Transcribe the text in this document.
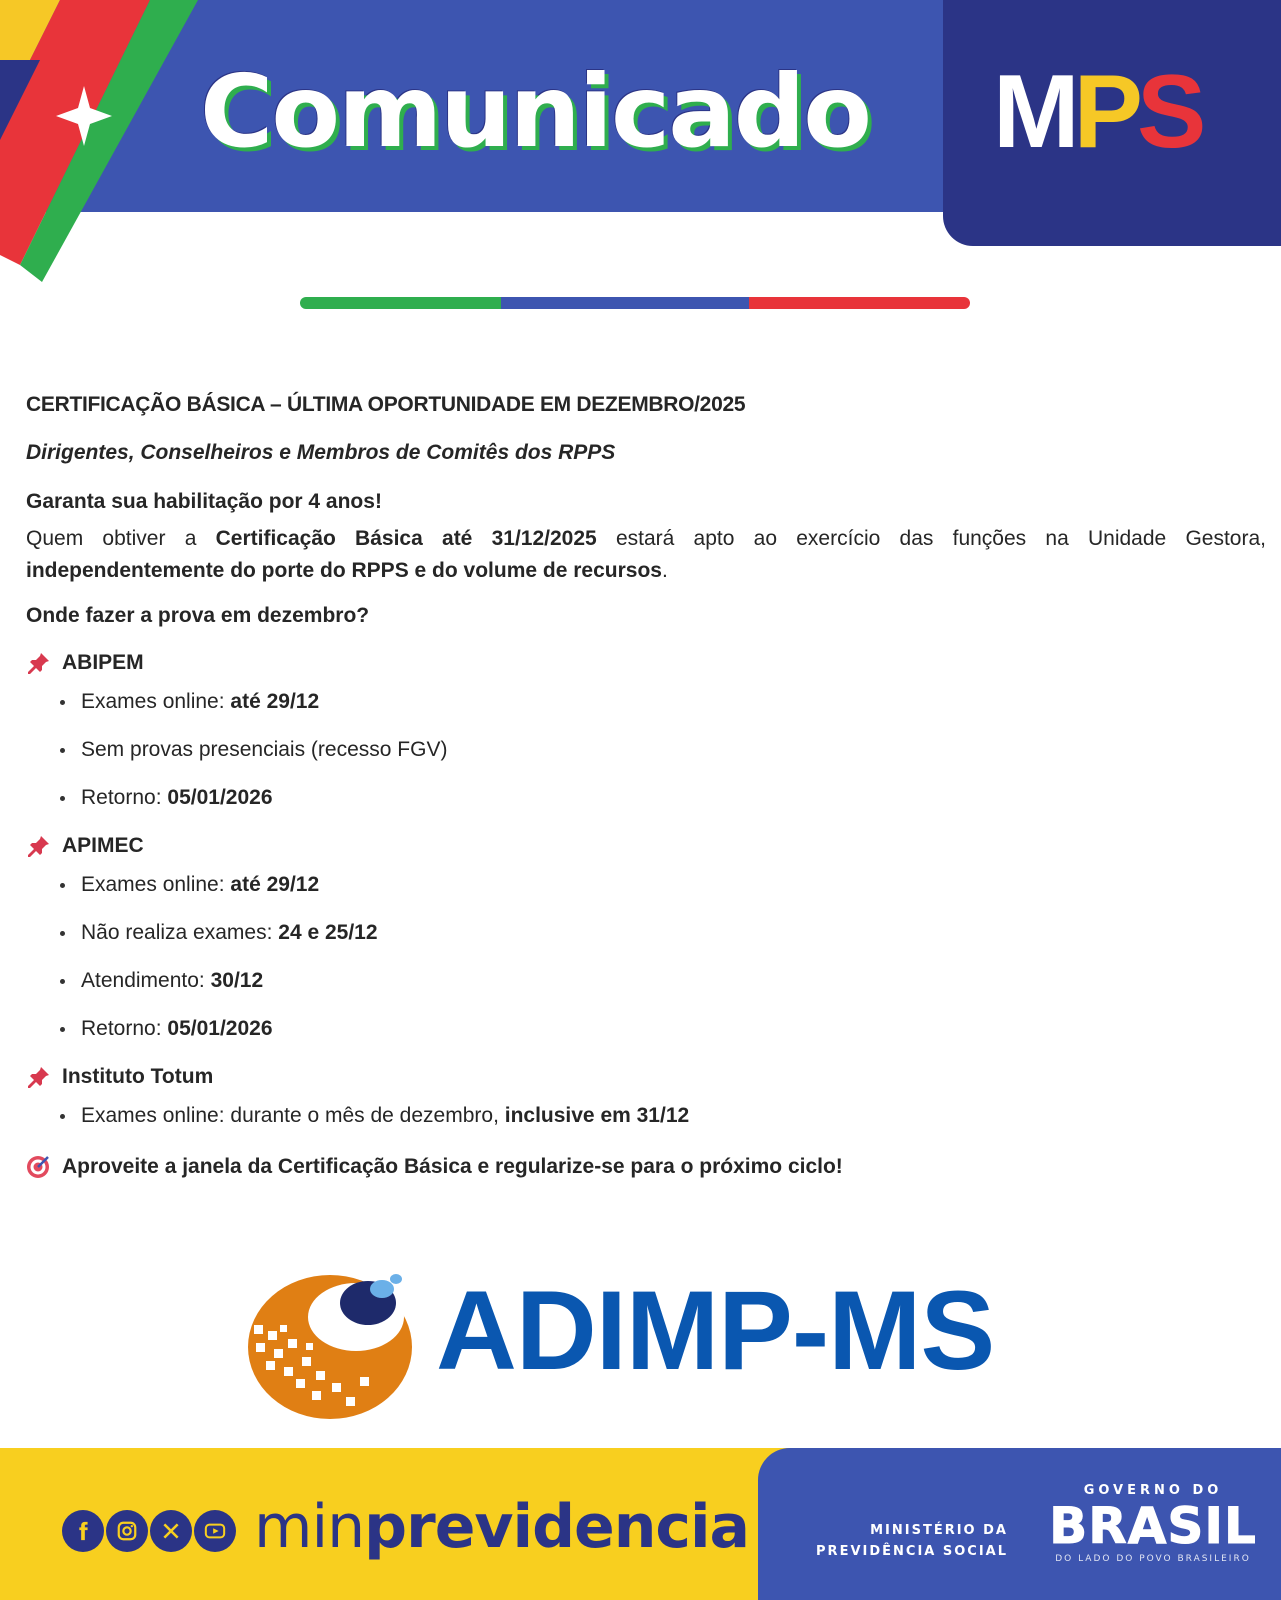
Comunicado MPS
CERTIFICAÇÃO BÁSICA – ÚLTIMA OPORTUNIDADE EM DEZEMBRO/2025
Dirigentes, Conselheiros e Membros de Comitês dos RPPS
Garanta sua habilitação por 4 anos!
Quem obtiver a Certificação Básica até 31/12/2025 estará apto ao exercício das funções na Unidade Gestora, independentemente do porte do RPPS e do volume de recursos.
Onde fazer a prova em dezembro?
ABIPEM
Exames online: até 29/12
Sem provas presenciais (recesso FGV)
Retorno: 05/01/2026
APIMEC
Exames online: até 29/12
Não realiza exames: 24 e 25/12
Atendimento: 30/12
Retorno: 05/01/2026
Instituto Totum
Exames online: durante o mês de dezembro, inclusive em 31/12
Aproveite a janela da Certificação Básica e regularize-se para o próximo ciclo!
ADIMP-MS
minprevidencia	MINISTÉRIO DA
PREVIDÊNCIA SOCIAL
GOVERNO DO
BRASIL
DO LADO DO POVO BRASILEIRO
